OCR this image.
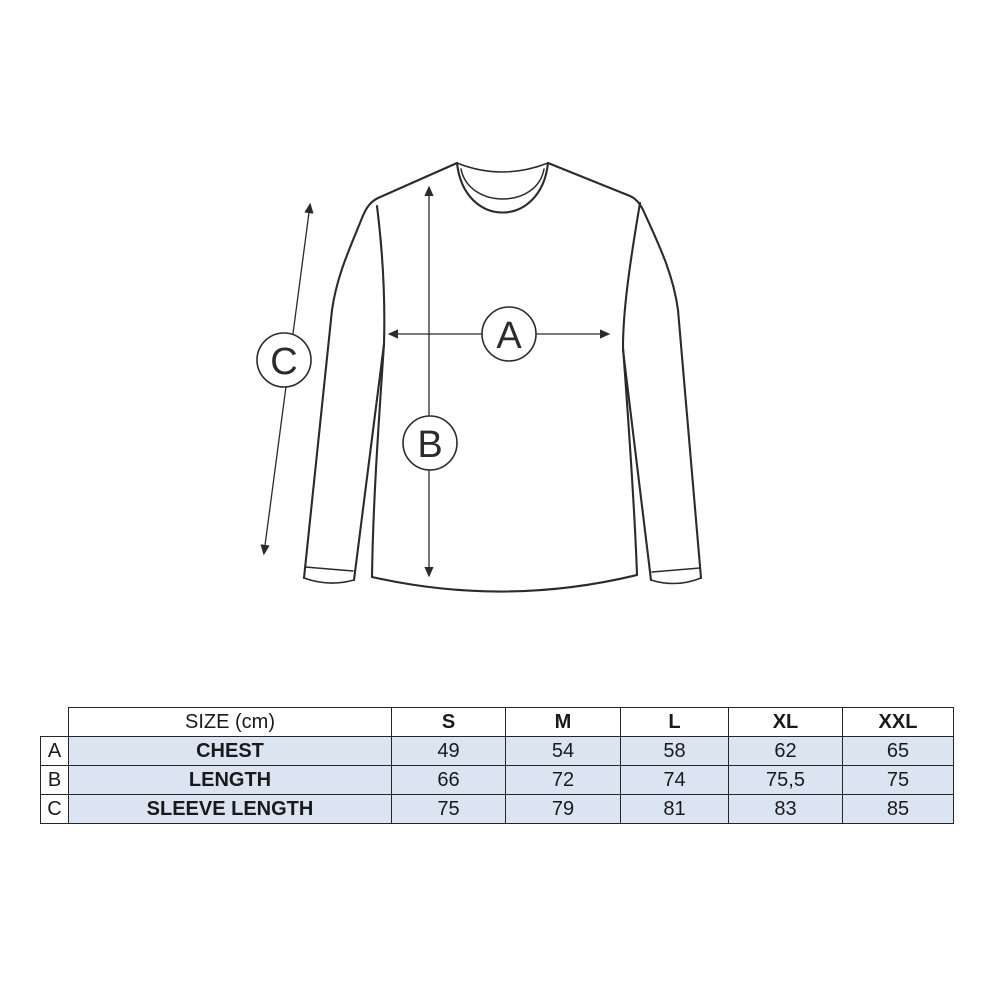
A
B
C
	SIZE (cm)	S	M	L	XL	XXL
A	CHEST	49	54	58	62	65
B	LENGTH	66	72	74	75,5	75
C	SLEEVE LENGTH	75	79	81	83	85
